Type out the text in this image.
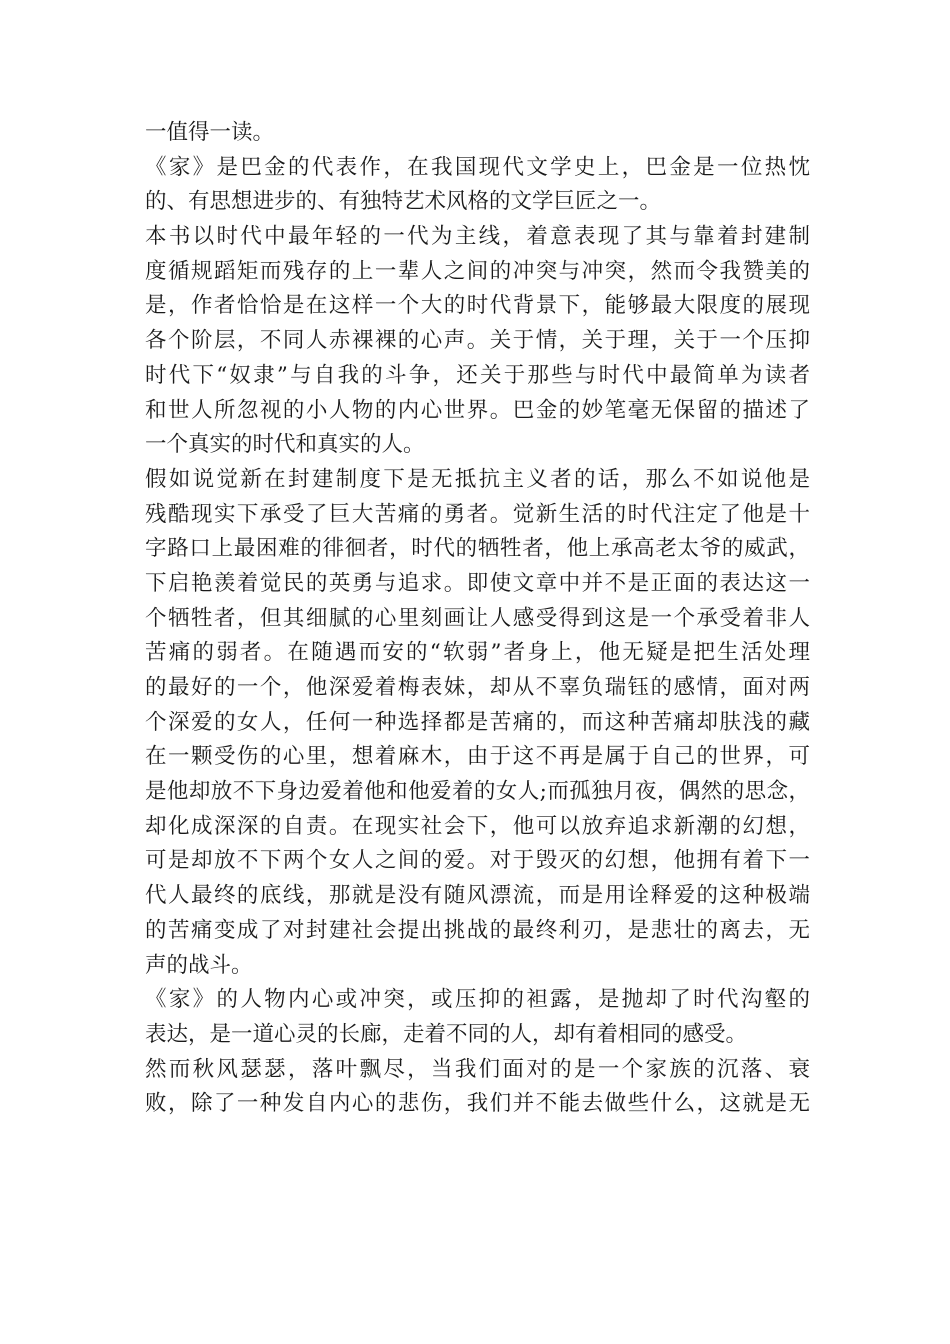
一值得一读。
《家》是巴金的代表作，在我国现代文学史上，巴金是一位热忱
的、有思想进步的、有独特艺术风格的文学巨匠之一。
本书以时代中最年轻的一代为主线，着意表现了其与靠着封建制
度循规蹈矩而残存的上一辈人之间的冲突与冲突，然而令我赞美的
是，作者恰恰是在这样一个大的时代背景下，能够最大限度的展现
各个阶层，不同人赤裸裸的心声。关于情，关于理，关于一个压抑
时代下“奴隶”与自我的斗争，还关于那些与时代中最简单为读者
和世人所忽视的小人物的内心世界。巴金的妙笔毫无保留的描述了
一个真实的时代和真实的人。
假如说觉新在封建制度下是无抵抗主义者的话，那么不如说他是
残酷现实下承受了巨大苦痛的勇者。觉新生活的时代注定了他是十
字路口上最困难的徘徊者，时代的牺牲者，他上承高老太爷的威武，
下启艳羡着觉民的英勇与追求。即使文章中并不是正面的表达这一
个牺牲者，但其细腻的心里刻画让人感受得到这是一个承受着非人
苦痛的弱者。在随遇而安的“软弱”者身上，他无疑是把生活处理
的最好的一个，他深爱着梅表妹，却从不辜负瑞钰的感情，面对两
个深爱的女人，任何一种选择都是苦痛的，而这种苦痛却肤浅的藏
在一颗受伤的心里，想着麻木，由于这不再是属于自己的世界，可
是他却放不下身边爱着他和他爱着的女人;而孤独月夜，偶然的思念，
却化成深深的自责。在现实社会下，他可以放弃追求新潮的幻想，
可是却放不下两个女人之间的爱。对于毁灭的幻想，他拥有着下一
代人最终的底线，那就是没有随风漂流，而是用诠释爱的这种极端
的苦痛变成了对封建社会提出挑战的最终利刃，是悲壮的离去，无
声的战斗。
《家》的人物内心或冲突，或压抑的袒露，是抛却了时代沟壑的
表达，是一道心灵的长廊，走着不同的人，却有着相同的感受。
然而秋风瑟瑟，落叶飘尽，当我们面对的是一个家族的沉落、衰
败，除了一种发自内心的悲伤，我们并不能去做些什么，这就是无
